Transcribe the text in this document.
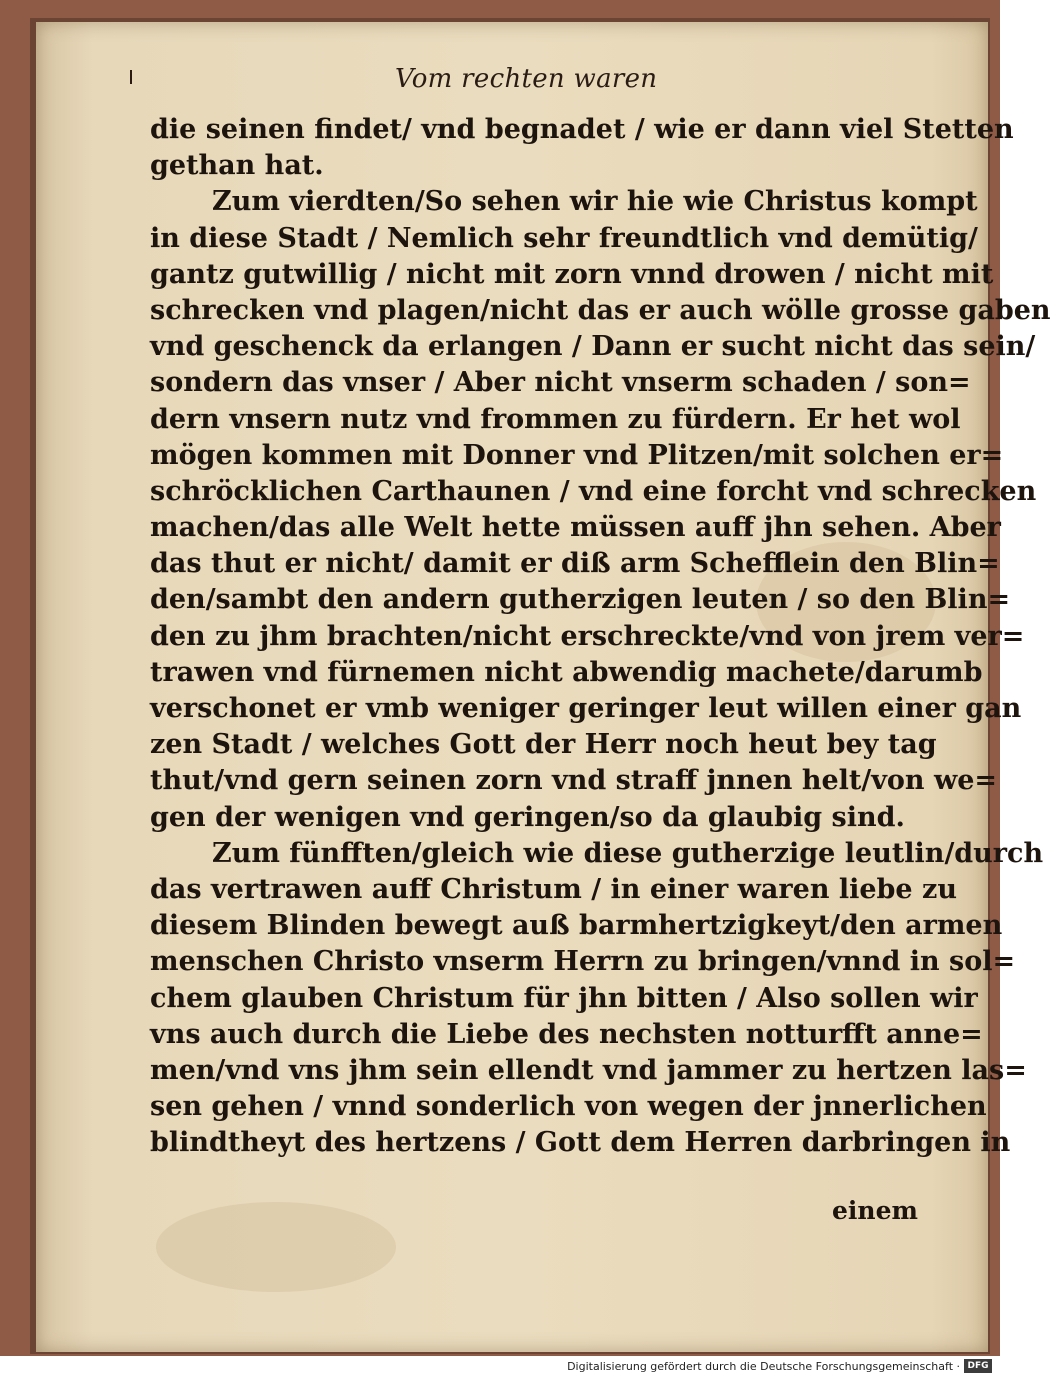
Vom rechten waren
die seinen findet/ vnd begnadet / wie er dann viel Stetten
gethan hat.
Zum vierdten/So sehen wir hie wie Christus kompt
in diese Stadt / Nemlich sehr freundtlich vnd demütig/
gantz gutwillig / nicht mit zorn vnnd drowen / nicht mit
schrecken vnd plagen/nicht das er auch wölle grosse gaben
vnd geschenck da erlangen / Dann er sucht nicht das sein/
sondern das vnser / Aber nicht vnserm schaden / son=
dern vnsern nutz vnd frommen zu fürdern. Er het wol
mögen kommen mit Donner vnd Plitzen/mit solchen er=
schröcklichen Carthaunen / vnd eine forcht vnd schrecken
machen/das alle Welt hette müssen auff jhn sehen. Aber
das thut er nicht/ damit er diß arm Schefflein den Blin=
den/sambt den andern gutherzigen leuten / so den Blin=
den zu jhm brachten/nicht erschreckte/vnd von jrem ver=
trawen vnd fürnemen nicht abwendig machete/darumb
verschonet er vmb weniger geringer leut willen einer gan
zen Stadt / welches Gott der Herr noch heut bey tag
thut/vnd gern seinen zorn vnd straff jnnen helt/von we=
gen der wenigen vnd geringen/so da glaubig sind.
Zum fünfften/gleich wie diese gutherzige leutlin/durch
das vertrawen auff Christum / in einer waren liebe zu
diesem Blinden bewegt auß barmhertzigkeyt/den armen
menschen Christo vnserm Herrn zu bringen/vnnd in sol=
chem glauben Christum für jhn bitten / Also sollen wir
vns auch durch die Liebe des nechsten notturfft anne=
men/vnd vns jhm sein ellendt vnd jammer zu hertzen las=
sen gehen / vnnd sonderlich von wegen der jnnerlichen
blindtheyt des hertzens / Gott dem Herren darbringen in
einem
Digitalisierung gefördert durch die Deutsche Forschungsgemeinschaft · DFG
